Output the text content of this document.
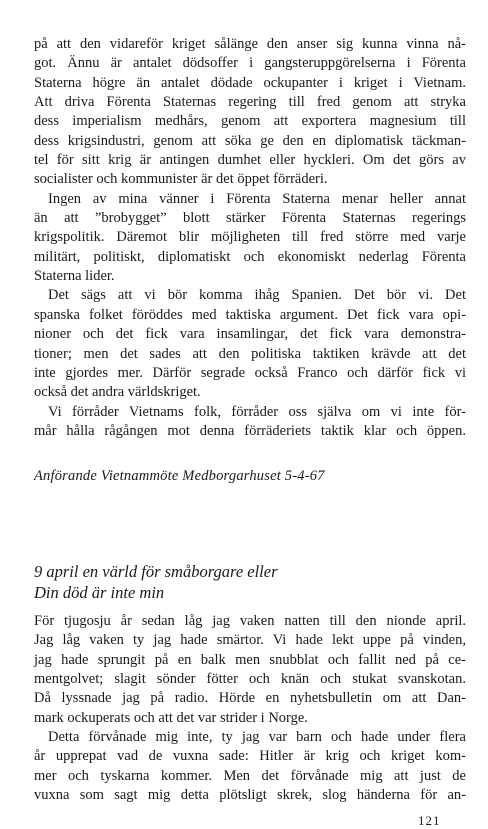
på att den vidareför kriget sålänge den anser sig kunna vinna nå-
got. Ännu är antalet dödsoffer i gangsteruppgörelserna i Förenta
Staterna högre än antalet dödade ockupanter i kriget i Vietnam.
Att driva Förenta Staternas regering till fred genom att stryka
dess imperialism medhårs, genom att exportera magnesium till
dess krigsindustri, genom att söka ge den en diplomatisk täckman-
tel för sitt krig är antingen dumhet eller hyckleri. Om det görs av
socialister och kommunister är det öppet förräderi.

Ingen av mina vänner i Förenta Staterna menar heller annat
än att ”brobygget” blott stärker Förenta Staternas regerings
krigspolitik. Däremot blir möjligheten till fred större med varje
militärt, politiskt, diplomatiskt och ekonomiskt nederlag Förenta
Staterna lider.

Det sägs att vi bör komma ihåg Spanien. Det bör vi. Det
spanska folket föröddes med taktiska argument. Det fick vara opi-
nioner och det fick vara insamlingar, det fick vara demonstra-
tioner; men det sades att den politiska taktiken krävde att det
inte gjordes mer. Därför segrade också Franco och därför fick vi
också det andra världskriget.

Vi förråder Vietnams folk, förråder oss själva om vi inte för-
mår hålla rågången mot denna förräderiets taktik klar och öppen.

Anförande Vietnammöte Medborgarhuset 5-4-67

9 april en värld för småborgare eller
Din död är inte min

För tjugosju år sedan låg jag vaken natten till den nionde april.
Jag låg vaken ty jag hade smärtor. Vi hade lekt uppe på vinden,
jag hade sprungit på en balk men snubblat och fallit ned på ce-
mentgolvet; slagit sönder fötter och knän och stukat svanskotan.
Då lyssnade jag på radio. Hörde en nyhetsbulletin om att Dan-
mark ockuperats och att det var strider i Norge.

Detta förvånade mig inte, ty jag var barn och hade under flera
år upprepat vad de vuxna sade: Hitler är krig och kriget kom-
mer och tyskarna kommer. Men det förvånade mig att just de
vuxna som sagt mig detta plötsligt skrek, slog händerna för an-

121
